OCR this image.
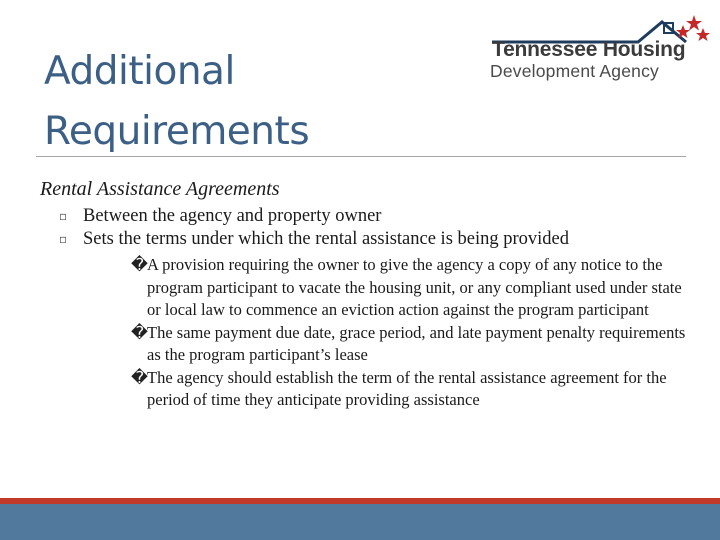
Additional
Requirements
Tennessee Housing
Development Agency

Rental Assistance Agreements

▫ Between the agency and property owner
▫ Sets the terms under which the rental assistance is being provided
� A provision requiring the owner to give the agency a copy of any notice to the program participant to vacate the housing unit, or any compliant used under state or local law to commence an eviction action against the program participant
� The same payment due date, grace period, and late payment penalty requirements as the program participant’s lease
� The agency should establish the term of the rental assistance agreement for the period of time they anticipate providing assistance
